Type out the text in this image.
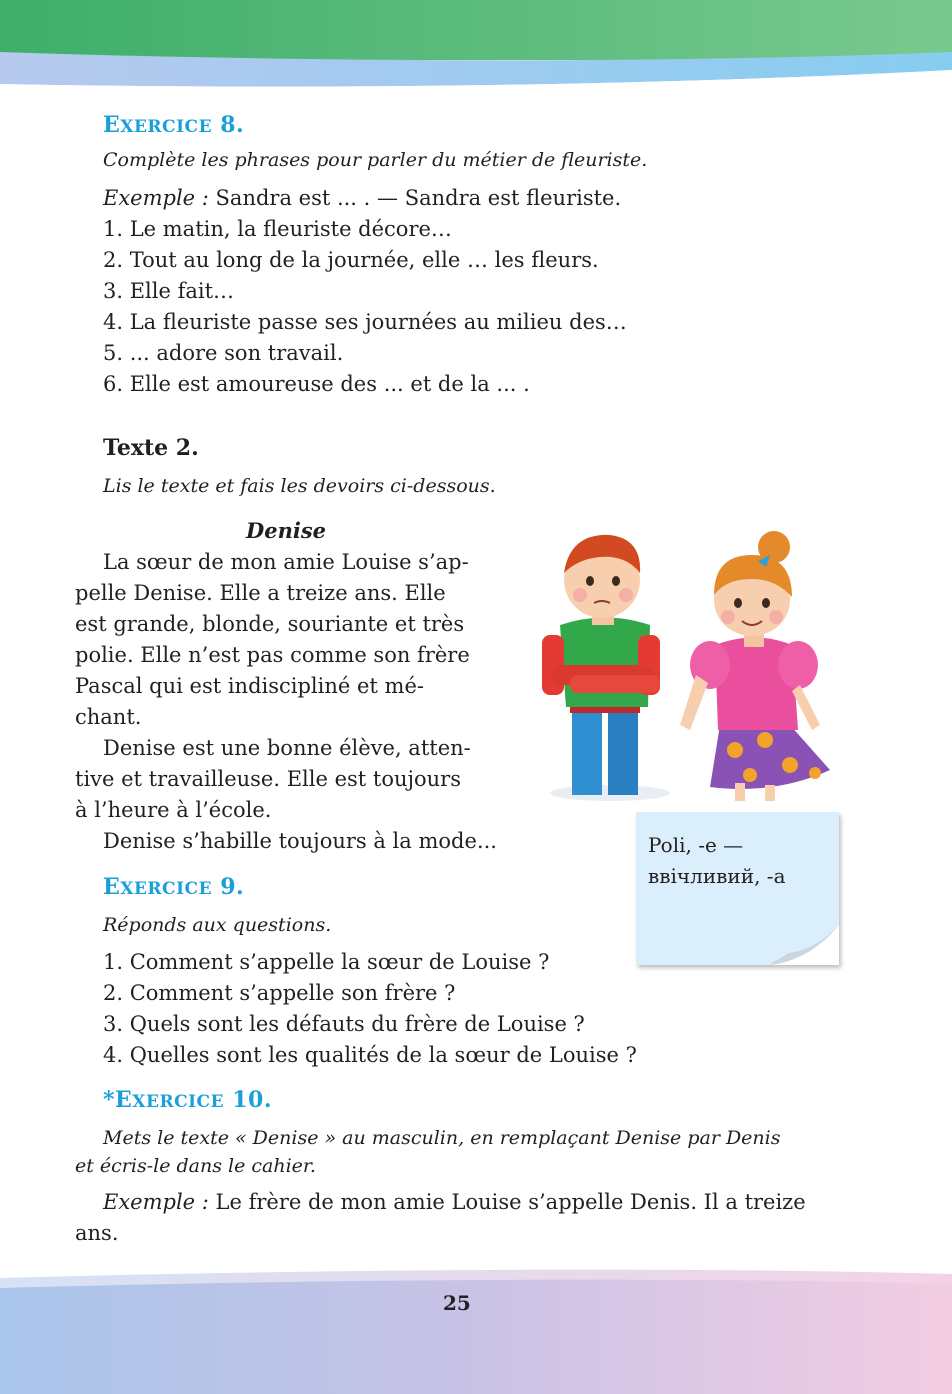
EXERCICE 8.
Complète les phrases pour parler du métier de fleuriste.
Exemple : Sandra est ... . — Sandra est fleuriste.
1. Le matin, la fleuriste décore…
2. Tout au long de la journée, elle … les fleurs.
3. Elle fait…
4. La fleuriste passe ses journées au milieu des…
5. ... adore son travail.
6. Elle est amoureuse des ... et de la ... .
Texte 2.
Lis le texte et fais les devoirs ci-dessous.
Denise
La sœur de mon amie Louise s’ap-
pelle Denise. Elle a treize ans. Elle
est grande, blonde, souriante et très
polie. Elle n’est pas comme son frère
Pascal qui est indiscipliné et mé-
chant.
Denise est une bonne élève, atten-
tive et travailleuse. Elle est toujours
à l’heure à l’école.
Denise s’habille toujours à la mode...	Poli, -e —
ввічливий, -а
EXERCICE 9.
Réponds aux questions.
1. Comment s’appelle la sœur de Louise ?
2. Comment s’appelle son frère ?
3. Quels sont les défauts du frère de Louise ?
4. Quelles sont les qualités de la sœur de Louise ?
*EXERCICE 10.
Mets le texte « Denise » au masculin, en remplaçant Denise par Denis
et écris-le dans le cahier.
Exemple : Le frère de mon amie Louise s’appelle Denis. Il a treize
ans.
25
